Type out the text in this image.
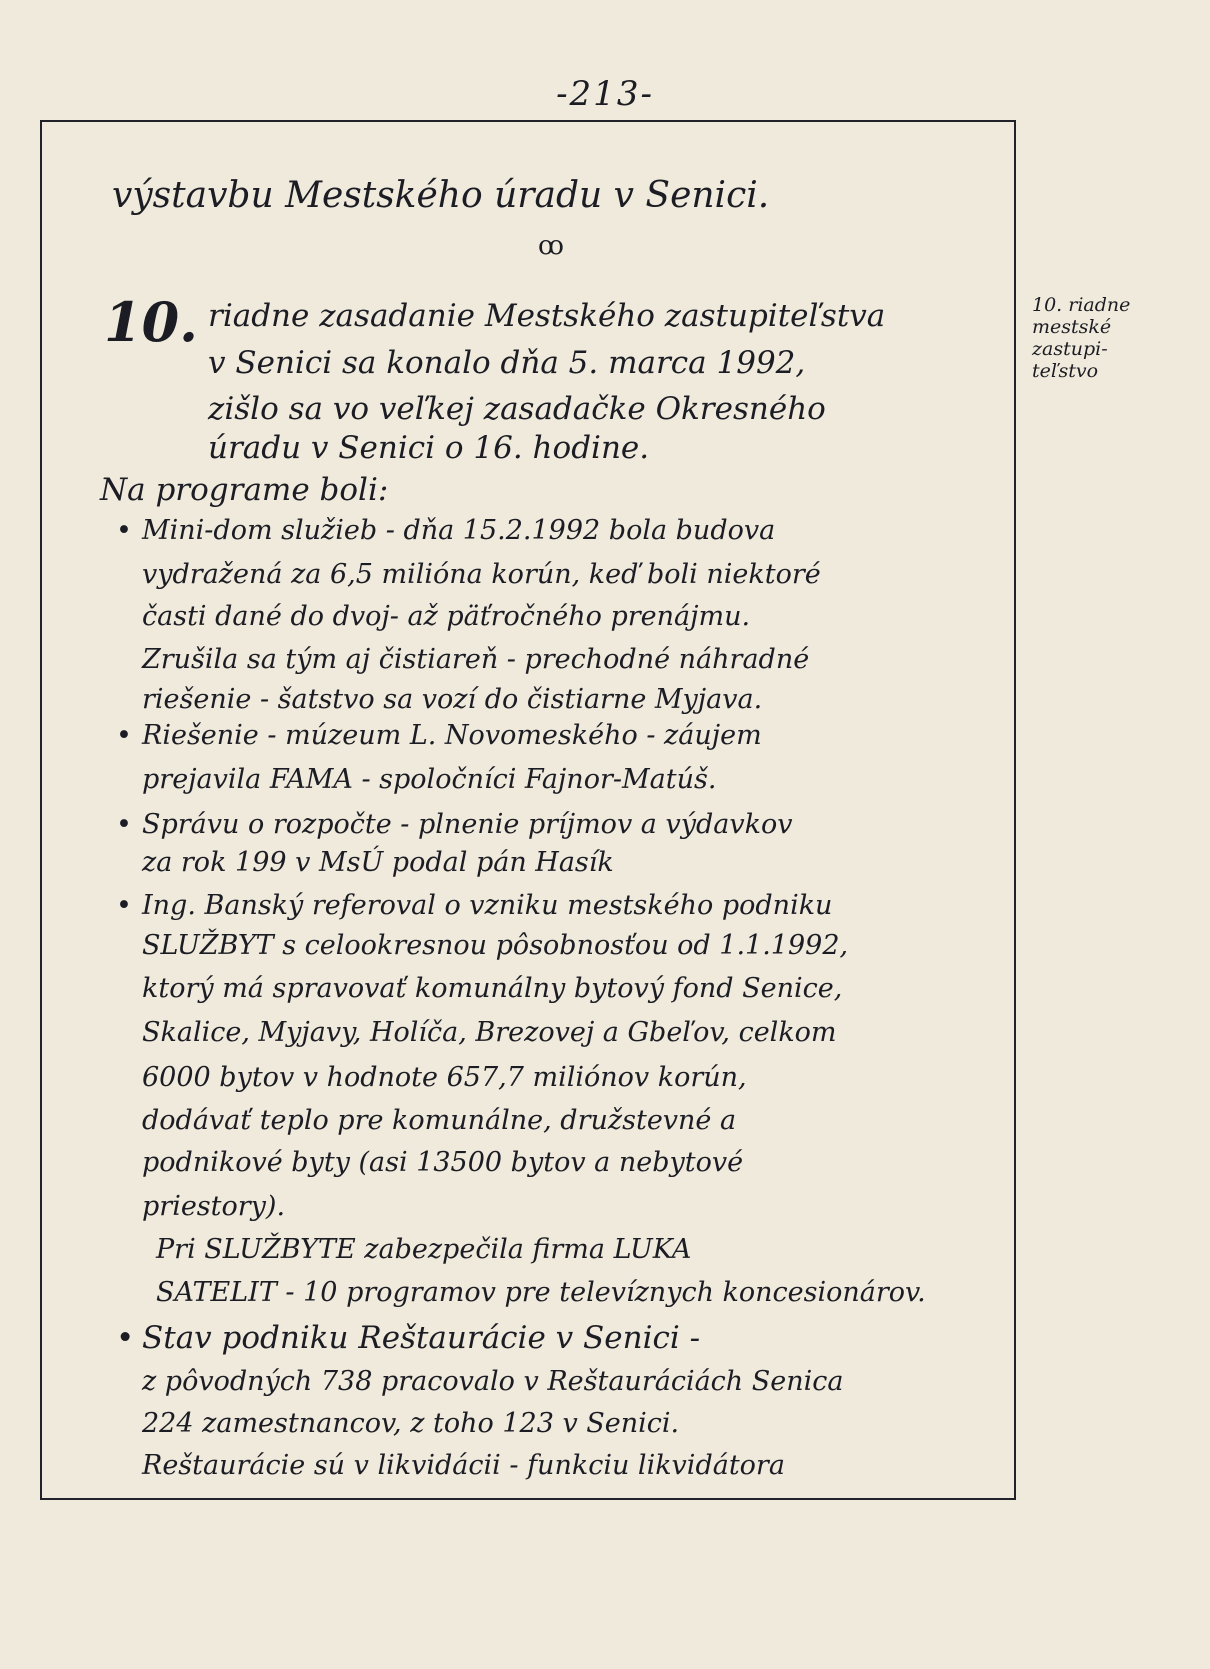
-213-
výstavbu Mestského úradu v Senici.
ꝏ
10.	10. riadne
mestské
zastupi-
teľstvo
riadne zasadanie Mestského zastupiteľstva
v Senici sa konalo dňa 5. marca 1992,
zišlo sa vo veľkej zasadačke Okresného
úradu v Senici o 16. hodine.
Na programe boli:
• Mini-dom služieb - dňa 15.2.1992 bola budova
vydražená za 6,5 milióna korún, keď boli niektoré
časti dané do dvoj- až päťročného prenájmu.
Zrušila sa tým aj čistiareň - prechodné náhradné
riešenie - šatstvo sa vozí do čistiarne Myjava.
• Riešenie - múzeum L. Novomeského - záujem
prejavila FAMA - spoločníci Fajnor-Matúš.
• Správu o rozpočte - plnenie príjmov a výdavkov
za rok 199 v MsÚ podal pán Hasík
• Ing. Banský referoval o vzniku mestského podniku
SLUŽBYT s celookresnou pôsobnosťou od 1.1.1992,
ktorý má spravovať komunálny bytový fond Senice,
Skalice, Myjavy, Holíča, Brezovej a Gbeľov, celkom
6000 bytov v hodnote 657,7 miliónov korún,
dodávať teplo pre komunálne, družstevné a
podnikové byty (asi 13500 bytov a nebytové
priestory).
Pri SLUŽBYTE zabezpečila firma LUKA
SATELIT - 10 programov pre televíznych koncesionárov.
• Stav podniku Reštaurácie v Senici -
z pôvodných 738 pracovalo v Reštauráciách Senica
224 zamestnancov, z toho 123 v Senici.
Reštaurácie sú v likvidácii - funkciu likvidátora
